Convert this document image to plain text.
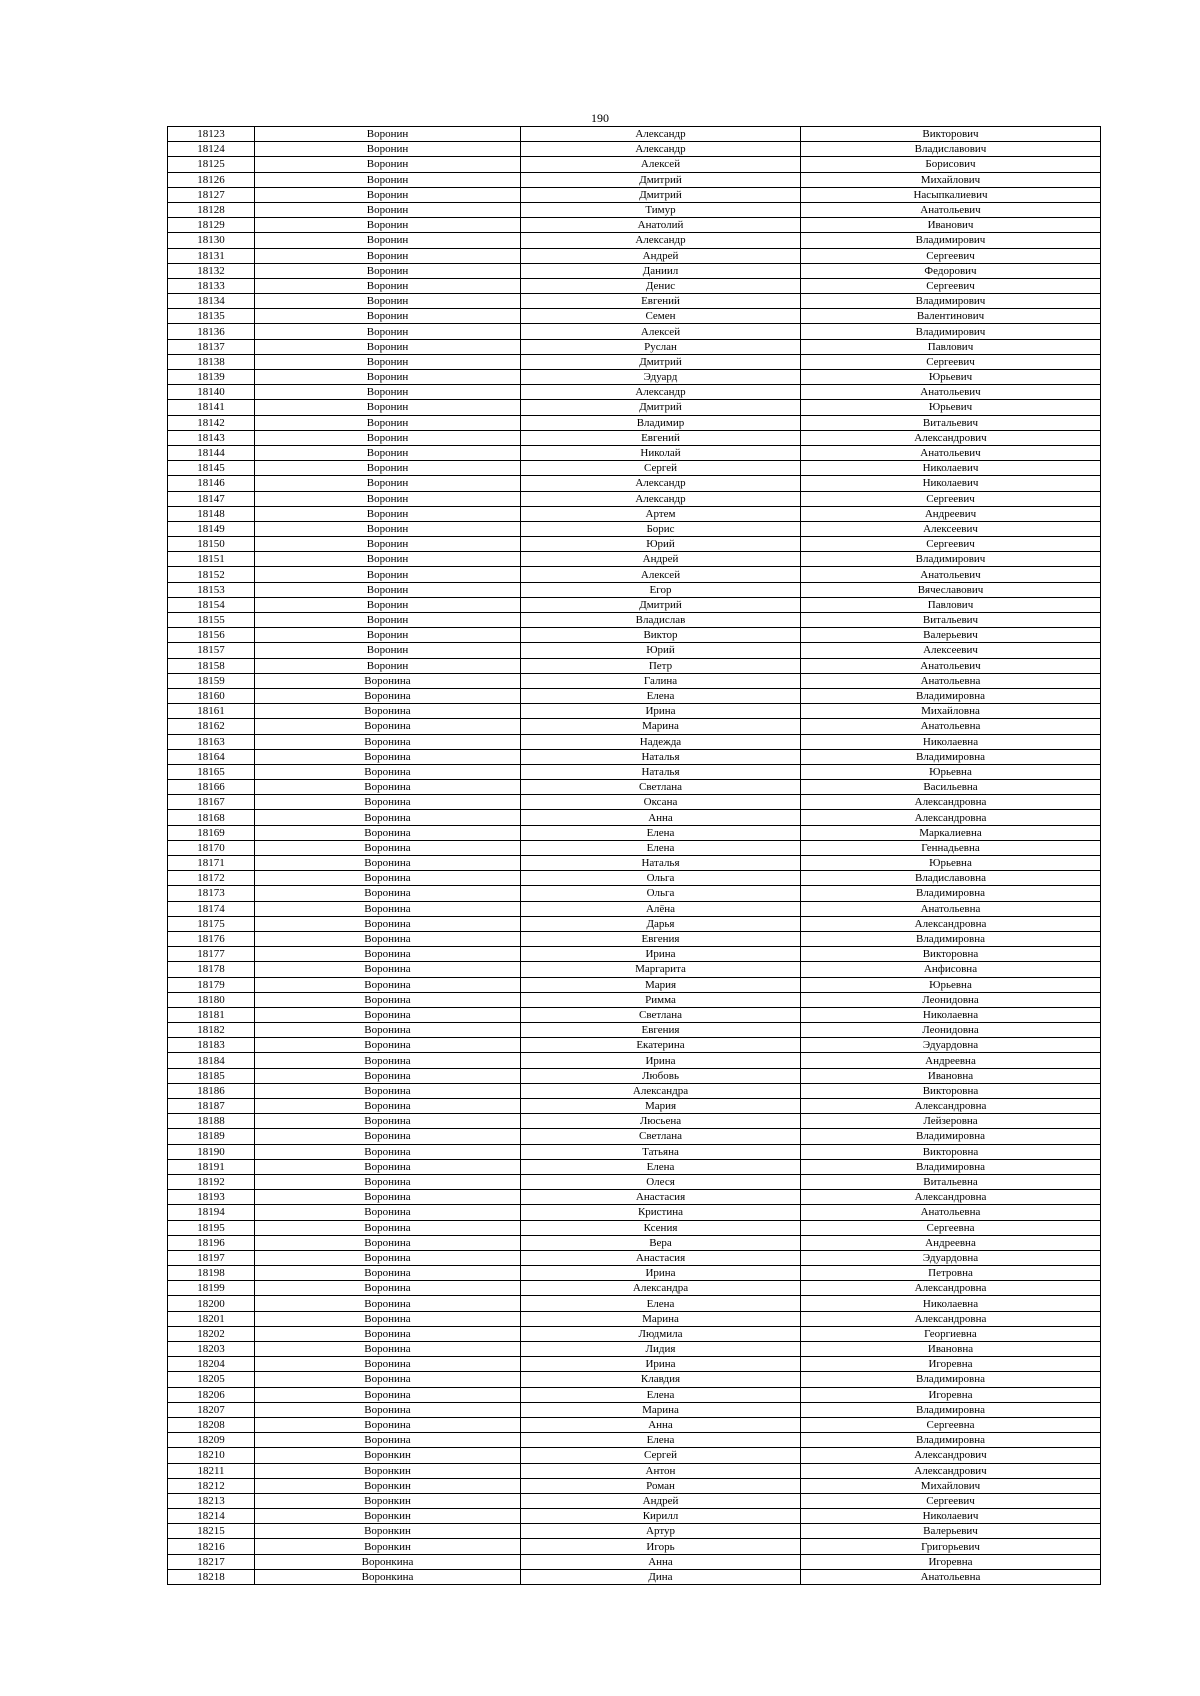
190
18123	Воронин	Александр	Викторович
18124	Воронин	Александр	Владиславович
18125	Воронин	Алексей	Борисович
18126	Воронин	Дмитрий	Михайлович
18127	Воронин	Дмитрий	Насыпкалиевич
18128	Воронин	Тимур	Анатольевич
18129	Воронин	Анатолий	Иванович
18130	Воронин	Александр	Владимирович
18131	Воронин	Андрей	Сергеевич
18132	Воронин	Даниил	Федорович
18133	Воронин	Денис	Сергеевич
18134	Воронин	Евгений	Владимирович
18135	Воронин	Семен	Валентинович
18136	Воронин	Алексей	Владимирович
18137	Воронин	Руслан	Павлович
18138	Воронин	Дмитрий	Сергеевич
18139	Воронин	Эдуард	Юрьевич
18140	Воронин	Александр	Анатольевич
18141	Воронин	Дмитрий	Юрьевич
18142	Воронин	Владимир	Витальевич
18143	Воронин	Евгений	Александрович
18144	Воронин	Николай	Анатольевич
18145	Воронин	Сергей	Николаевич
18146	Воронин	Александр	Николаевич
18147	Воронин	Александр	Сергеевич
18148	Воронин	Артем	Андреевич
18149	Воронин	Борис	Алексеевич
18150	Воронин	Юрий	Сергеевич
18151	Воронин	Андрей	Владимирович
18152	Воронин	Алексей	Анатольевич
18153	Воронин	Егор	Вячеславович
18154	Воронин	Дмитрий	Павлович
18155	Воронин	Владислав	Витальевич
18156	Воронин	Виктор	Валерьевич
18157	Воронин	Юрий	Алексеевич
18158	Воронин	Петр	Анатольевич
18159	Воронина	Галина	Анатольевна
18160	Воронина	Елена	Владимировна
18161	Воронина	Ирина	Михайловна
18162	Воронина	Марина	Анатольевна
18163	Воронина	Надежда	Николаевна
18164	Воронина	Наталья	Владимировна
18165	Воронина	Наталья	Юрьевна
18166	Воронина	Светлана	Васильевна
18167	Воронина	Оксана	Александровна
18168	Воронина	Анна	Александровна
18169	Воронина	Елена	Маркалиевна
18170	Воронина	Елена	Геннадьевна
18171	Воронина	Наталья	Юрьевна
18172	Воронина	Ольга	Владиславовна
18173	Воронина	Ольга	Владимировна
18174	Воронина	Алёна	Анатольевна
18175	Воронина	Дарья	Александровна
18176	Воронина	Евгения	Владимировна
18177	Воронина	Ирина	Викторовна
18178	Воронина	Маргарита	Анфисовна
18179	Воронина	Мария	Юрьевна
18180	Воронина	Римма	Леонидовна
18181	Воронина	Светлана	Николаевна
18182	Воронина	Евгения	Леонидовна
18183	Воронина	Екатерина	Эдуардовна
18184	Воронина	Ирина	Андреевна
18185	Воронина	Любовь	Ивановна
18186	Воронина	Александра	Викторовна
18187	Воронина	Мария	Александровна
18188	Воронина	Люсьена	Лейзеровна
18189	Воронина	Светлана	Владимировна
18190	Воронина	Татьяна	Викторовна
18191	Воронина	Елена	Владимировна
18192	Воронина	Олеся	Витальевна
18193	Воронина	Анастасия	Александровна
18194	Воронина	Кристина	Анатольевна
18195	Воронина	Ксения	Сергеевна
18196	Воронина	Вера	Андреевна
18197	Воронина	Анастасия	Эдуардовна
18198	Воронина	Ирина	Петровна
18199	Воронина	Александра	Александровна
18200	Воронина	Елена	Николаевна
18201	Воронина	Марина	Александровна
18202	Воронина	Людмила	Георгиевна
18203	Воронина	Лидия	Ивановна
18204	Воронина	Ирина	Игоревна
18205	Воронина	Клавдия	Владимировна
18206	Воронина	Елена	Игоревна
18207	Воронина	Марина	Владимировна
18208	Воронина	Анна	Сергеевна
18209	Воронина	Елена	Владимировна
18210	Воронкин	Сергей	Александрович
18211	Воронкин	Антон	Александрович
18212	Воронкин	Роман	Михайлович
18213	Воронкин	Андрей	Сергеевич
18214	Воронкин	Кирилл	Николаевич
18215	Воронкин	Артур	Валерьевич
18216	Воронкин	Игорь	Григорьевич
18217	Воронкина	Анна	Игоревна
18218	Воронкина	Дина	Анатольевна
